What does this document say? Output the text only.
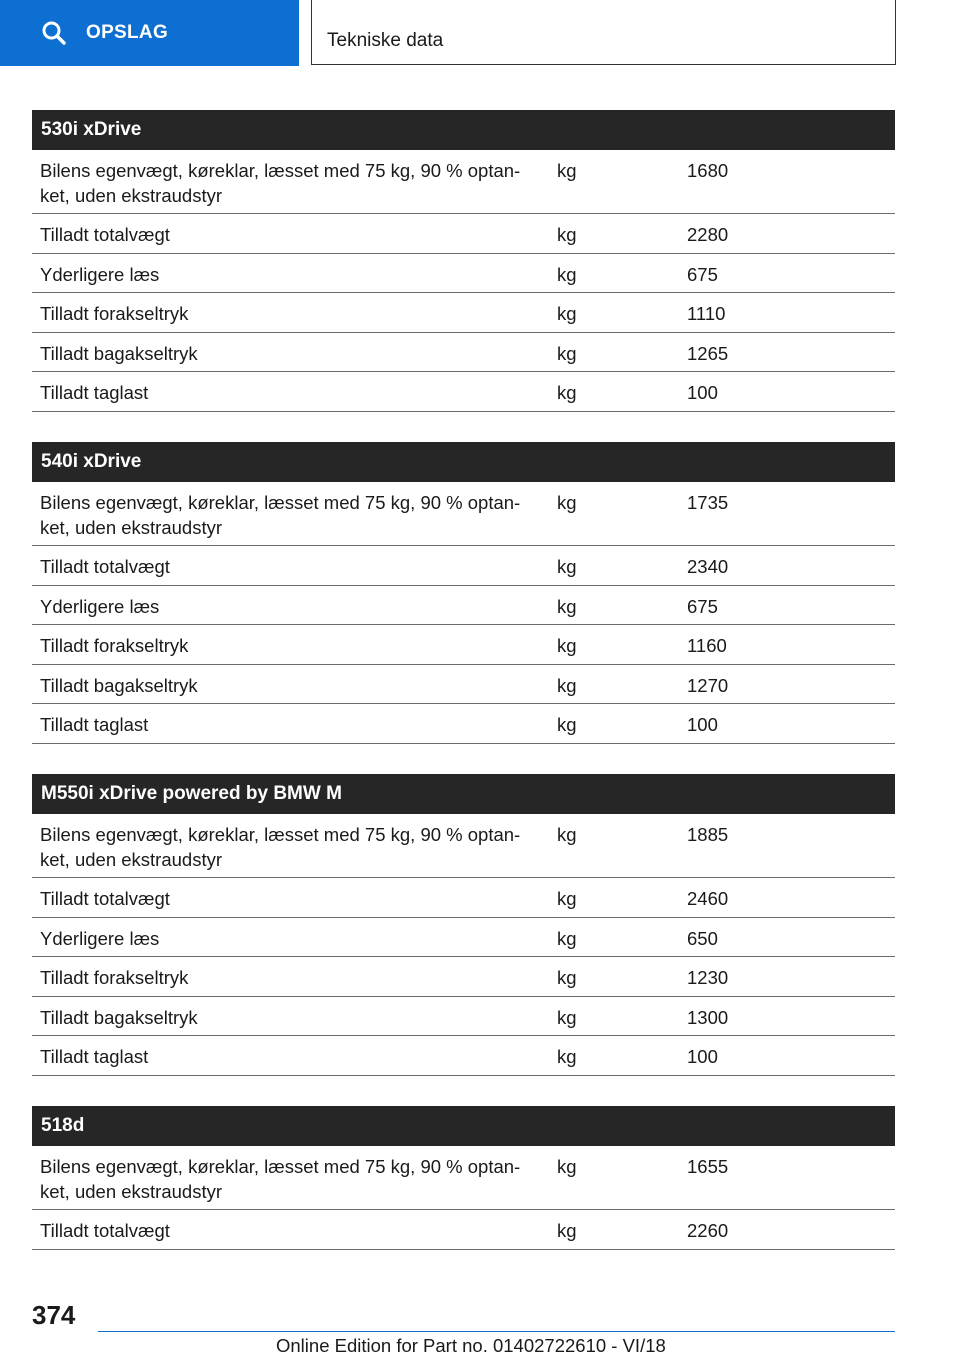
OPSLAG	Tekniske data
530i xDrive
Bilens egenvægt, køreklar, læsset med 75 kg, 90 % optan-
ket, uden ekstraudstyr
kg	1680
Tilladt totalvægt	kg	2280
Yderligere læs	kg	675
Tilladt forakseltryk	kg	1110
Tilladt bagakseltryk	kg	1265
Tilladt taglast	kg	100
540i xDrive
Bilens egenvægt, køreklar, læsset med 75 kg, 90 % optan-
ket, uden ekstraudstyr
kg	1735
Tilladt totalvægt	kg	2340
Yderligere læs	kg	675
Tilladt forakseltryk	kg	1160
Tilladt bagakseltryk	kg	1270
Tilladt taglast	kg	100
M550i xDrive powered by BMW M
Bilens egenvægt, køreklar, læsset med 75 kg, 90 % optan-
ket, uden ekstraudstyr
kg	1885
Tilladt totalvægt	kg	2460
Yderligere læs	kg	650
Tilladt forakseltryk	kg	1230
Tilladt bagakseltryk	kg	1300
Tilladt taglast	kg	100
518d
Bilens egenvægt, køreklar, læsset med 75 kg, 90 % optan-
ket, uden ekstraudstyr
kg	1655
Tilladt totalvægt	kg	2260
374
Online Edition for Part no. 01402722610 - VI/18
